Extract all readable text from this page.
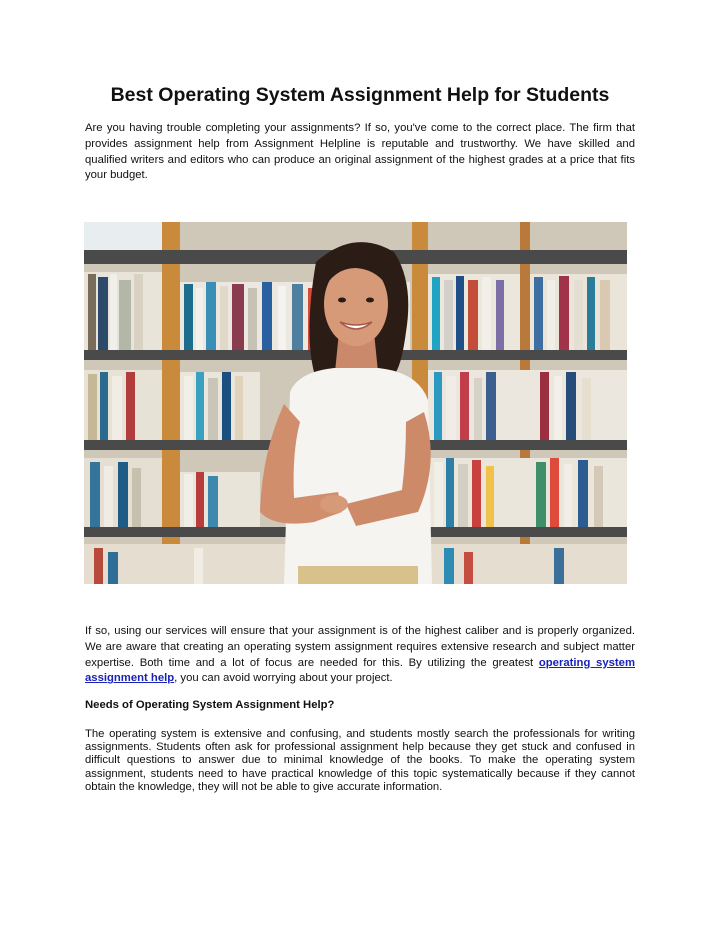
Best Operating System Assignment Help for Students

Are you having trouble completing your assignments? If so, you've come to the correct place. The firm that provides assignment help from Assignment Helpline is reputable and trustworthy. We have skilled and qualified writers and editors who can produce an original assignment of the highest grades at a price that fits your budget.

If so, using our services will ensure that your assignment is of the highest caliber and is properly organized. We are aware that creating an operating system assignment requires extensive research and subject matter expertise. Both time and a lot of focus are needed for this. By utilizing the greatest operating system assignment help, you can avoid worrying about your project.

Needs of Operating System Assignment Help?

The operating system is extensive and confusing, and students mostly search the professionals for writing assignments. Students often ask for professional assignment help because they get stuck and confused in difficult questions to answer due to minimal knowledge of the books. To make the operating system assignment, students need to have practical knowledge of this topic systematically because if they cannot obtain the knowledge, they will not be able to give accurate information.
